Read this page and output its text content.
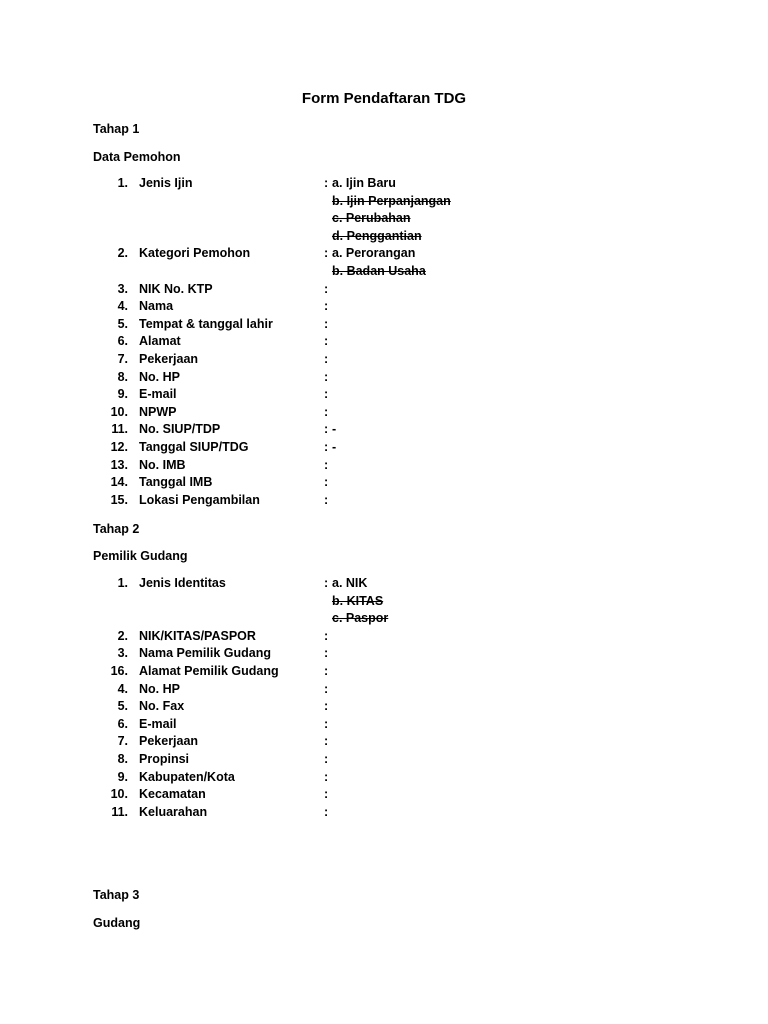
Form Pendaftaran TDG
Tahap 1
Data Pemohon
1. Jenis Ijin	: a. Ijin Baru
b. Ijin Perpanjangan
c. Perubahan
d. Penggantian
2. Kategori Pemohon	: a. Perorangan
b. Badan Usaha
3. NIK No. KTP	:
4. Nama	:
5. Tempat & tanggal lahir	:
6. Alamat	:
7. Pekerjaan	:
8. No. HP	:
9. E-mail	:
10. NPWP	:
11. No. SIUP/TDP	: -
12. Tanggal SIUP/TDG	: -
13. No. IMB	:
14. Tanggal IMB	:
15. Lokasi Pengambilan	:
Tahap 2
Pemilik Gudang
1. Jenis Identitas	: a. NIK
b. KITAS
c. Paspor
2. NIK/KITAS/PASPOR	:
3. Nama Pemilik Gudang	:
16. Alamat Pemilik Gudang	:
4. No. HP	:
5. No. Fax	:
6. E-mail	:
7. Pekerjaan	:
8. Propinsi	:
9. Kabupaten/Kota	:
10. Kecamatan	:
11. Keluarahan	:
Tahap 3
Gudang
